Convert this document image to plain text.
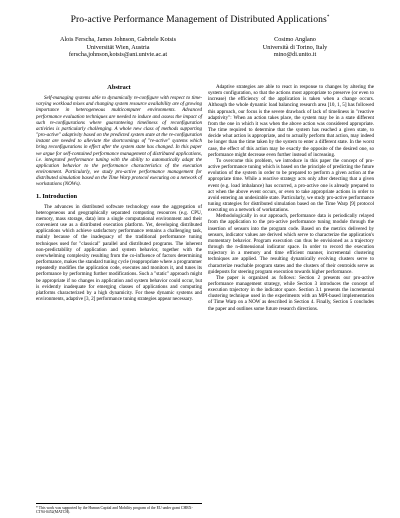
Pro-active Performance Management of Distributed Applications*
Alois Ferscha, James Johnson, Gabriele Kotsis
Universität Wien, Austria
ferscha,johnson,kotsis@ani.univie.ac.at
Cosimo Anglano
Università di Torino, Italy
mino@di.unito.it
Abstract

Self-managing systems able to dynamically re-configure with respect to time-varying workload mixes and changing system resource availability are of growing importance in heterogeneous multicomputer environments. Advanced performance evaluation techniques are needed to induce and assess the impact of such re-configurations where guaranteeing timeliness of reconfiguration activities is particularly challenging. A whole new class of methods supporting "pro-active" adaptivity based on the predicted system state at the re-configuration instant are needed to alleviate the shortcomings of "re-active" systems which bring reconfigurations in effect after the system state has changed. In this paper we argue for self-contained performance management of distributed applications, i.e. integrated performance tuning with the ability to automatically adapt the application behavior to the performance characteristics of the execution environment. Particularly, we study pro-active performance management for distributed simulation based on the Time Warp protocol executing on a network of workstations (NOWs).

1. Introduction

The advances in distributed software technology ease the aggregation of heterogeneous and geographically separated computing resources (e.g. CPU, memory, mass storage, data) into a single computational environment and their convenient use as a distributed execution platform. Yet, developing distributed applications which achieve satisfactory performance remains a challenging task, mainly because of the inadequacy of the traditional performance tuning techniques used for "classical" parallel and distributed programs. The inherent non-predictability of application and system behavior, together with the overwhelming complexity resulting from the co-influence of factors determining performance, makes the standard tuning cycle (reappropriate where a programmer repeatedly modifies the application code, executes and monitors it, and tunes its performance by performing further modifications. Such a "static" approach might be appropriate if no changes in application and system behavior could occur, but is evidently inadequate for emerging classes of applications and computing platforms characterized by a high dynamicity. For these dynamic systems and environments, adaptive [3, 2] performance tuning strategies appear necessary.

Adaptive strategies are able to react in response to changes by altering the system configuration, so that the actions most appropriate to preserve (or even to increase) the efficiency of the application is taken when a change occurs. Although the whole dynamic load balancing research area [10, 1, 5] has followed this approach, our focus is the severe drawback of lack of timeliness in "reactive adaptivity": When an action takes place, the system may be in a state different from the one in which it was when the above action was considered appropriate. The time required to determine that the system has reached a given state, to decide what action is appropriate, and to actually perform that action, may indeed be longer than the time taken by the system to enter a different state. In the worst case, the effect of this action may be exactly the opposite of the desired one, so performance might decrease even further instead of increasing.

To overcome this problem, we introduce in this paper the concept of pro-active performance tuning which is based on the principle of predicting the future evolution of the system in order to be prepared to perform a given action at the appropriate time. While a reactive strategy acts only after detecting that a given event (e.g. load imbalance) has occurred, a pro-active one is already prepared to act when the above event occurs, or even to take appropriate actions in order to avoid entering an undesirable state. Particularly, we study pro-active performance tuning strategies for distributed simulation based on the Time Warp [9] protocol executing on a network of workstations.

Methodologically in our approach, performance data is periodically relayed from the application to the pro-active performance tuning module through the insertion of sensors into the program code. Based on the metrics delivered by sensors, indicator values are derived which serve to characterize the application's momentary behavior. Program execution can thus be envisioned as a trajectory through the n-dimensional indicator space. In order to record the execution trajectory in a memory and time efficient manner, incremental clustering techniques are applied. The resulting dynamically evolving clusters serve to characterize reachable program states and the clusters of their centroids serve as guideposts for steering program execution towards higher performance.

The paper is organized as follows: Section 2 presents our pro-active performance management strategy, while Section 3 introduces the concept of execution trajectory in the indicator space. Section 3.1 presents the incremental clustering technique used in the experiments with an MPI-based implementation of Time Warp on a NOW as described in Section 4. Finally, Section 5 concludes the paper and outlines some future research directions.

* This work was supported by the Human Capital and Mobility program of the EU under grant CHRX-CT94-0452(MATCH).
